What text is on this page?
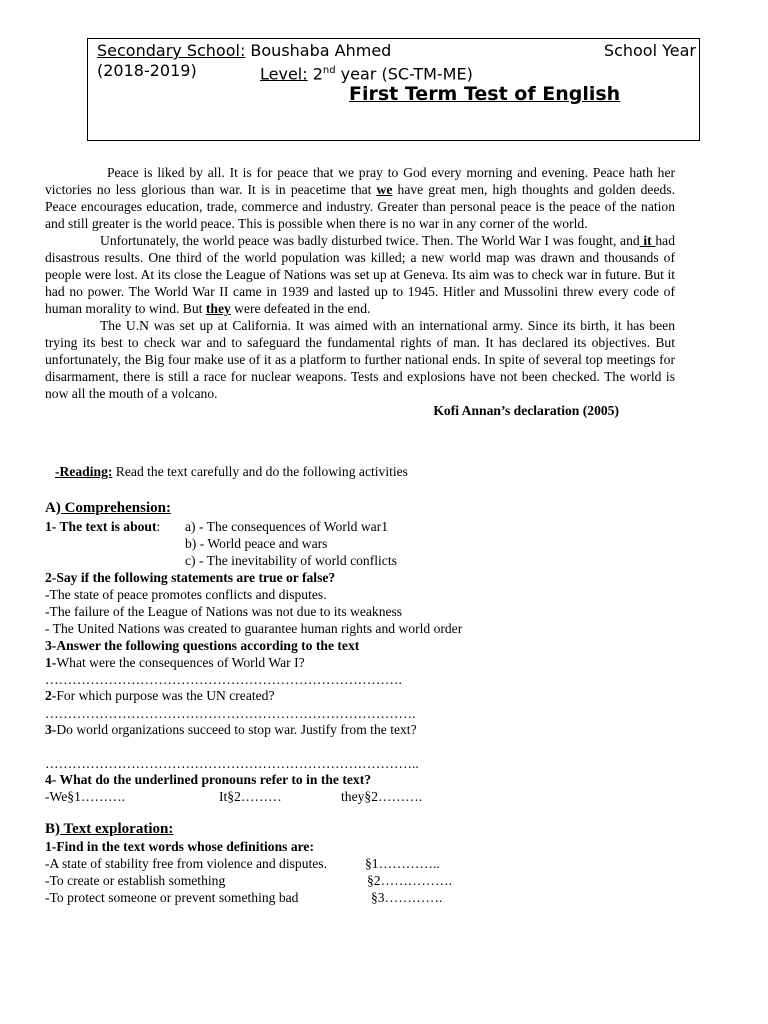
Secondary School: Boushaba Ahmed	School Year
(2018-2019)	Level: 2nd year (SC-TM-ME)
First Term Test of English

Peace is liked by all. It is for peace that we pray to God every morning and evening. Peace hath her victories no less glorious than war. It is in peacetime that we have great men, high thoughts and golden deeds. Peace encourages education, trade, commerce and industry. Greater than personal peace is the peace of the nation and still greater is the world peace. This is possible when there is no war in any corner of the world.

Unfortunately, the world peace was badly disturbed twice. Then. The World War I was fought, and it had disastrous results. One third of the world population was killed; a new world map was drawn and thousands of people were lost. At its close the League of Nations was set up at Geneva. Its aim was to check war in future. But it had no power. The World War II came in 1939 and lasted up to 1945. Hitler and Mussolini threw every code of human morality to wind. But they were defeated in the end.

The U.N was set up at California. It was aimed with an international army. Since its birth, it has been trying its best to check war and to safeguard the fundamental rights of man. It has declared its objectives. But unfortunately, the Big four make use of it as a platform to further national ends. In spite of several top meetings for disarmament, there is still a race for nuclear weapons. Tests and explosions have not been checked. The world is now all the mouth of a volcano.

Kofi Annan’s declaration (2005)

-Reading: Read the text carefully and do the following activities
A) Comprehension:
1- The text is about: a) - The consequences of World war1
b) - World peace and wars
c) - The inevitability of world conflicts
2-Say if the following statements are true or false?
-The state of peace promotes conflicts and disputes.
-The failure of the League of Nations was not due to its weakness
- The United Nations was created to guarantee human rights and world order
3-Answer the following questions according to the text
1-What were the consequences of World War I?
…………………………………………………………………….
2-For which purpose was the UN created?
……………………………………………………………………….
3-Do world organizations succeed to stop war. Justify from the text?
………………………………………………………………………..
4- What do the underlined pronouns refer to in the text?
-We§1……….	It§2………	they§2……….
B) Text exploration:
1-Find in the text words whose definitions are:
-A state of stability free from violence and disputes.	§1…………..
-To create or establish something	§2…………….
-To protect someone or prevent something bad	§3………….
